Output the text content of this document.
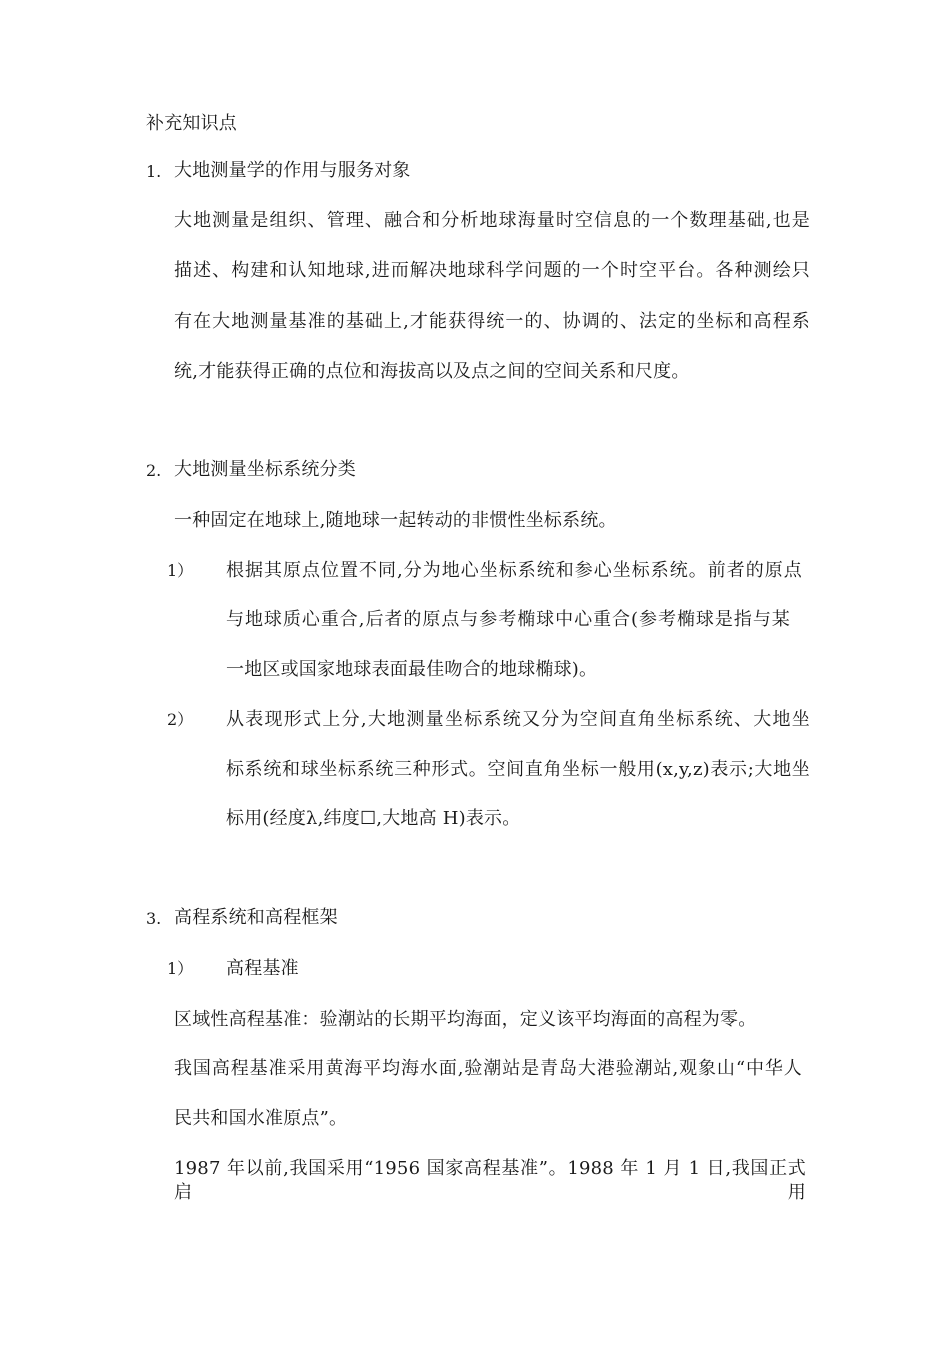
补充知识点
1. 大地测量学的作用与服务对象
大地测量是组织、管理、融合和分析地球海量时空信息的一个数理基础,也是
描述、构建和认知地球,进而解决地球科学问题的一个时空平台。各种测绘只
有在大地测量基准的基础上,才能获得统一的、协调的、法定的坐标和高程系
统,才能获得正确的点位和海拔高以及点之间的空间关系和尺度。
2. 大地测量坐标系统分类
一种固定在地球上,随地球一起转动的非惯性坐标系统。
1） 根据其原点位置不同,分为地心坐标系统和参心坐标系统。前者的原点
与地球质心重合,后者的原点与参考椭球中心重合(参考椭球是指与某
一地区或国家地球表面最佳吻合的地球椭球)。
2） 从表现形式上分,大地测量坐标系统又分为空间直角坐标系统、大地坐
标系统和球坐标系统三种形式。空间直角坐标一般用(x,y,z)表示;大地坐
标用(经度λ,纬度☐,大地高 H)表示。
3. 高程系统和高程框架
1） 高程基准
区域性高程基准：验潮站的长期平均海面，定义该平均海面的高程为零。
我国高程基准采用黄海平均海水面,验潮站是青岛大港验潮站,观象山“中华人
民共和国水准原点”。
1987 年以前,我国采用“1956 国家高程基准”。1988 年 1 月 1 日,我国正式启用
